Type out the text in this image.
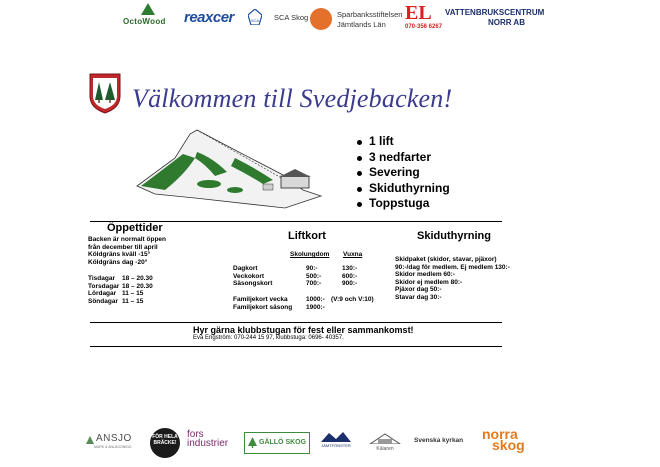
OctoWood reaxcer	SCA SCA Skog	Sparbanksstiftelsen
Jämtlands Län
EL
070-356 6267
VATTENBRUKSCENTRUM
NORR AB
Välkommen till Svedjebacken!
1 lift
3 nedfarter
Severing
Skiduthyrning
Toppstuga
Öppettider
Backen är normalt öppen
från december till april
Köldgräns kväll -15°
Köldgräns dag -20°
Tisdagar 18 – 20.30
Torsdagar 18 – 20.30
Lördagar 11 – 15
Söndagar 11 – 15
Liftkort
Skolungdom Vuxna
Dagkort	90:-	130:-
Veckokort	500:-	600:-
Säsongskort	700:-	900:-
Familjekort vecka	1000:- (V:9 och V:10)
Familjekort säsong 1900:-
Skiduthyrning
Skidpaket (skidor, stavar, pjäxor)
90:-/dag för medlem. Ej medlem 130:-
Skidor medlem 60:-
Skidor ej medlem 80:-
Pjäxor dag 50:-
Stavar dag 30:-
Hyr gärna klubbstugan för fest eller sammankomst!
Eva Engström: 070-244 15 97, klubbstuga: 0696- 40357.
ANSJO
MARK & ANLÄGGNING
FÖR HELA BRÄCKE!
fors
industrier	GÄLLÖ SKOG	JÄMTFÖNSTER
Kälaren
Svenska kyrkan norra
skog
